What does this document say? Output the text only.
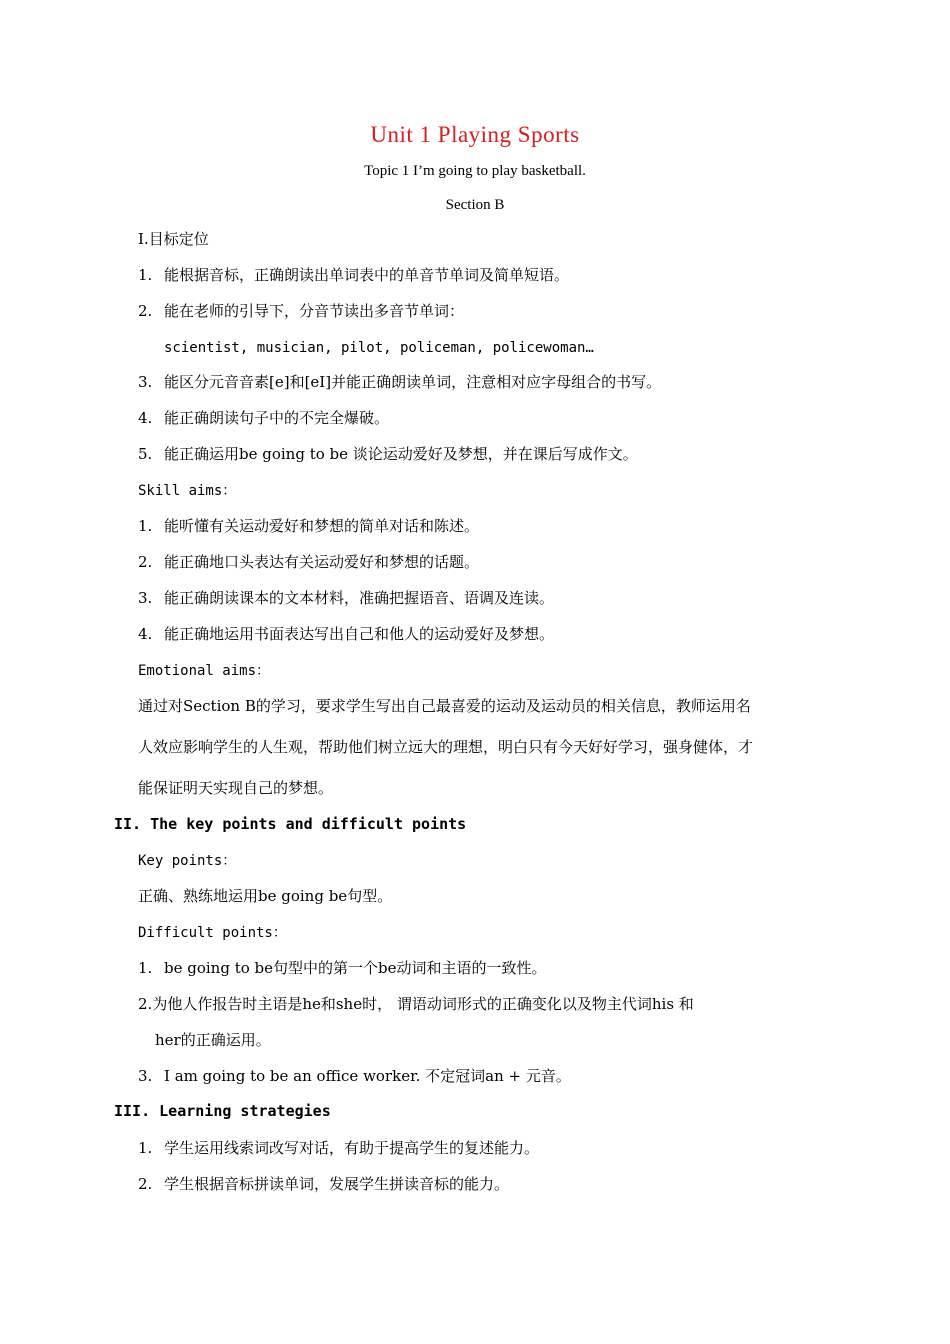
Unit 1 Playing Sports
Topic 1 I’m going to play basketball.
Section B
I.目标定位
1. 能根据音标，正确朗读出单词表中的单音节单词及简单短语。
2. 能在老师的引导下，分音节读出多音节单词：
scientist, musician, pilot, policeman, policewoman…
3. 能区分元音音素[e]和[eI]并能正确朗读单词，注意相对应字母组合的书写。
4. 能正确朗读句子中的不完全爆破。
5. 能正确运用be going to be 谈论运动爱好及梦想，并在课后写成作文。
Skill aims：
1. 能听懂有关运动爱好和梦想的简单对话和陈述。
2. 能正确地口头表达有关运动爱好和梦想的话题。
3. 能正确朗读课本的文本材料，准确把握语音、语调及连读。
4. 能正确地运用书面表达写出自己和他人的运动爱好及梦想。
Emotional aims：
通过对Section B的学习，要求学生写出自己最喜爱的运动及运动员的相关信息，教师运用名
人效应影响学生的人生观，帮助他们树立远大的理想，明白只有今天好好学习，强身健体，才
能保证明天实现自己的梦想。
II. The key points and difficult points
Key points：
正确、熟练地运用be going be句型。
Difficult points：
1. be going to be句型中的第一个be动词和主语的一致性。
2.为他人作报告时主语是he和she时， 谓语动词形式的正确变化以及物主代词his 和
her的正确运用。
3. I am going to be an office worker. 不定冠词an + 元音。
III. Learning strategies
1. 学生运用线索词改写对话，有助于提高学生的复述能力。
2. 学生根据音标拼读单词，发展学生拼读音标的能力。
